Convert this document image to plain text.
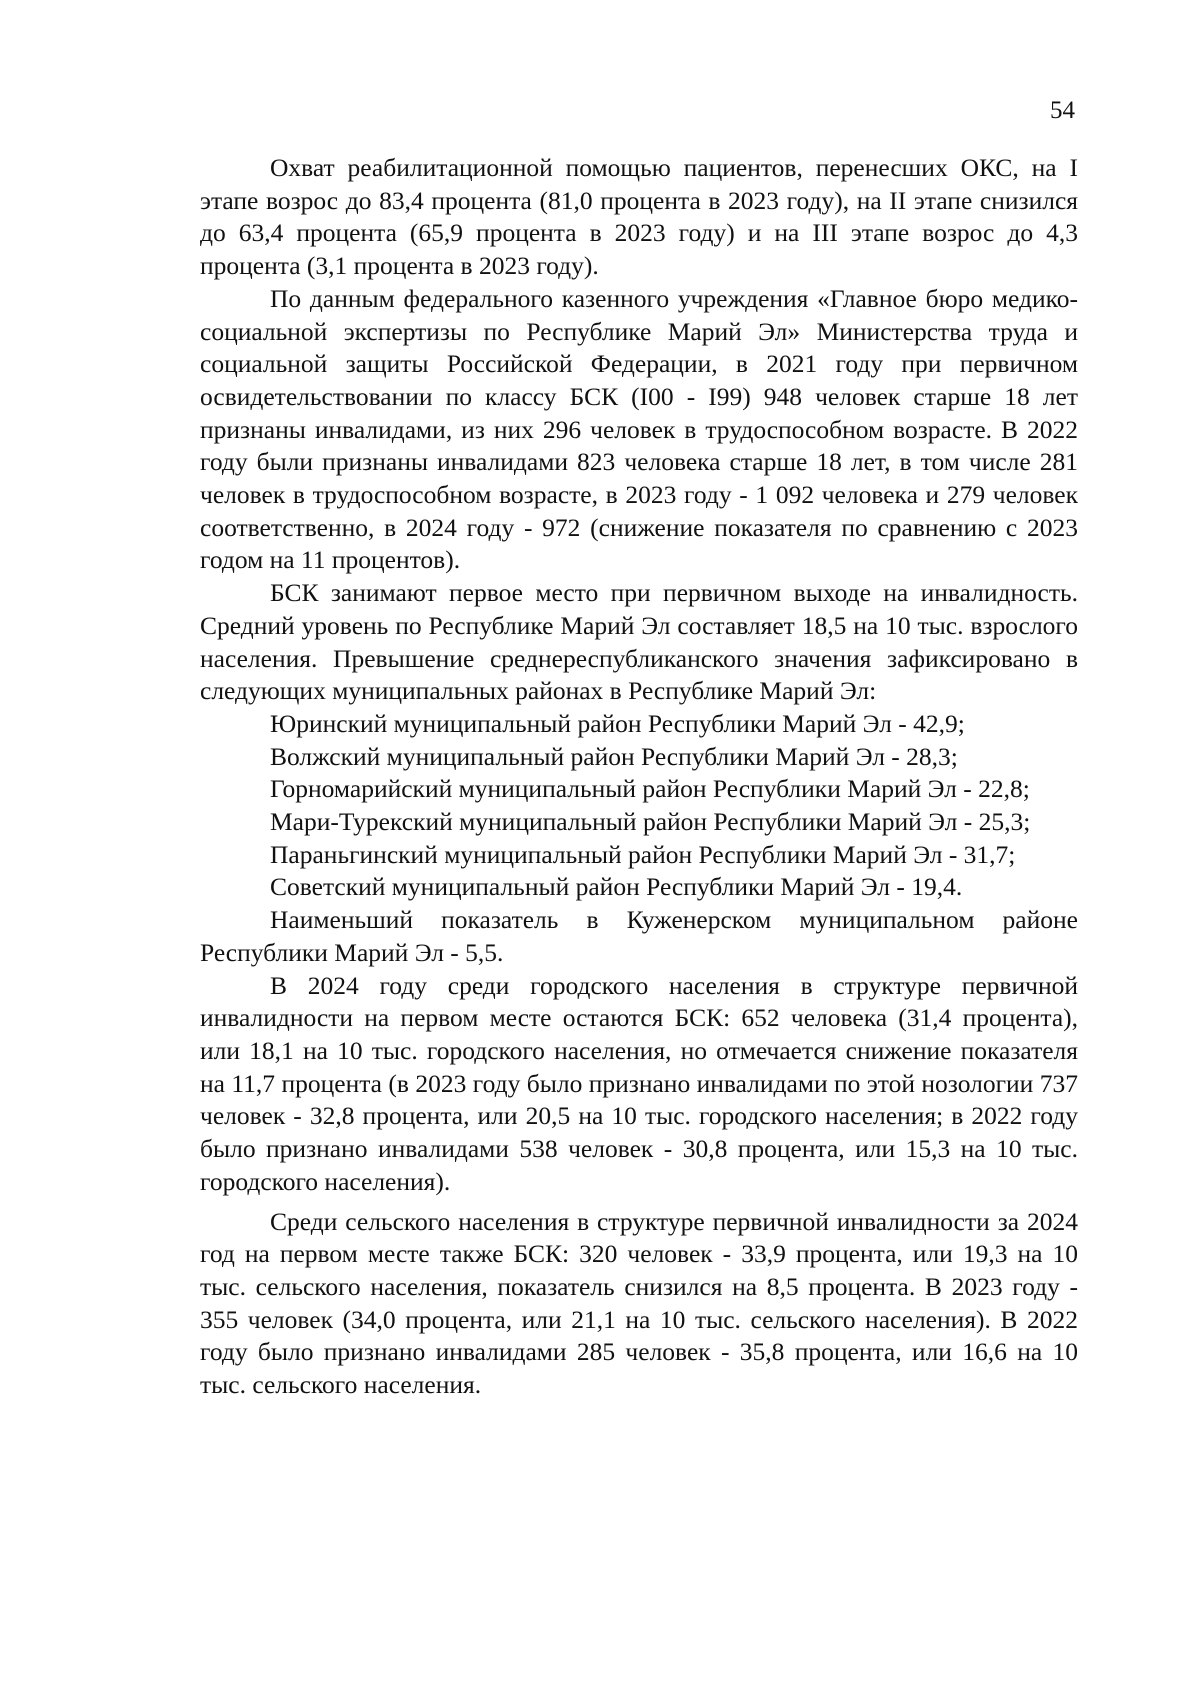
54

Охват реабилитационной помощью пациентов, перенесших ОКС, на I этапе возрос до 83,4 процента (81,0 процента в 2023 году), на II этапе снизился до 63,4 процента (65,9 процента в 2023 году) и на III этапе возрос до 4,3 процента (3,1 процента в 2023 году).

По данным федерального казенного учреждения «Главное бюро медико-социальной экспертизы по Республике Марий Эл» Министерства труда и социальной защиты Российской Федерации, в 2021 году при первичном освидетельствовании по классу БСК (I00 - I99) 948 человек старше 18 лет признаны инвалидами, из них 296 человек в трудоспособном возрасте. В 2022 году были признаны инвалидами 823 человека старше 18 лет, в том числе 281 человек в трудоспособном возрасте, в 2023 году - 1 092 человека и 279 человек соответственно, в 2024 году - 972 (снижение показателя по сравнению с 2023 годом на 11 процентов).

БСК занимают первое место при первичном выходе на инвалидность. Средний уровень по Республике Марий Эл составляет 18,5 на 10 тыс. взрослого населения. Превышение среднереспубликанского значения зафиксировано в следующих муниципальных районах в Республике Марий Эл:

Юринский муниципальный район Республики Марий Эл - 42,9;

Волжский муниципальный район Республики Марий Эл - 28,3;

Горномарийский муниципальный район Республики Марий Эл - 22,8;

Мари-Турекский муниципальный район Республики Марий Эл - 25,3;

Параньгинский муниципальный район Республики Марий Эл - 31,7;

Советский муниципальный район Республики Марий Эл - 19,4.

Наименьший показатель в Куженерском муниципальном районе Республики Марий Эл - 5,5.

В 2024 году среди городского населения в структуре первичной инвалидности на первом месте остаются БСК: 652 человека (31,4 процента), или 18,1 на 10 тыс. городского населения, но отмечается снижение показателя на 11,7 процента (в 2023 году было признано инвалидами по этой нозологии 737 человек - 32,8 процента, или 20,5 на 10 тыс. городского населения; в 2022 году было признано инвалидами 538 человек - 30,8 процента, или 15,3 на 10 тыс. городского населения).

Среди сельского населения в структуре первичной инвалидности за 2024 год на первом месте также БСК: 320 человек - 33,9 процента, или 19,3 на 10 тыс. сельского населения, показатель снизился на 8,5 процента. В 2023 году - 355 человек (34,0 процента, или 21,1 на 10 тыс. сельского населения). В 2022 году было признано инвалидами 285 человек - 35,8 процента, или 16,6 на 10 тыс. сельского населения.
